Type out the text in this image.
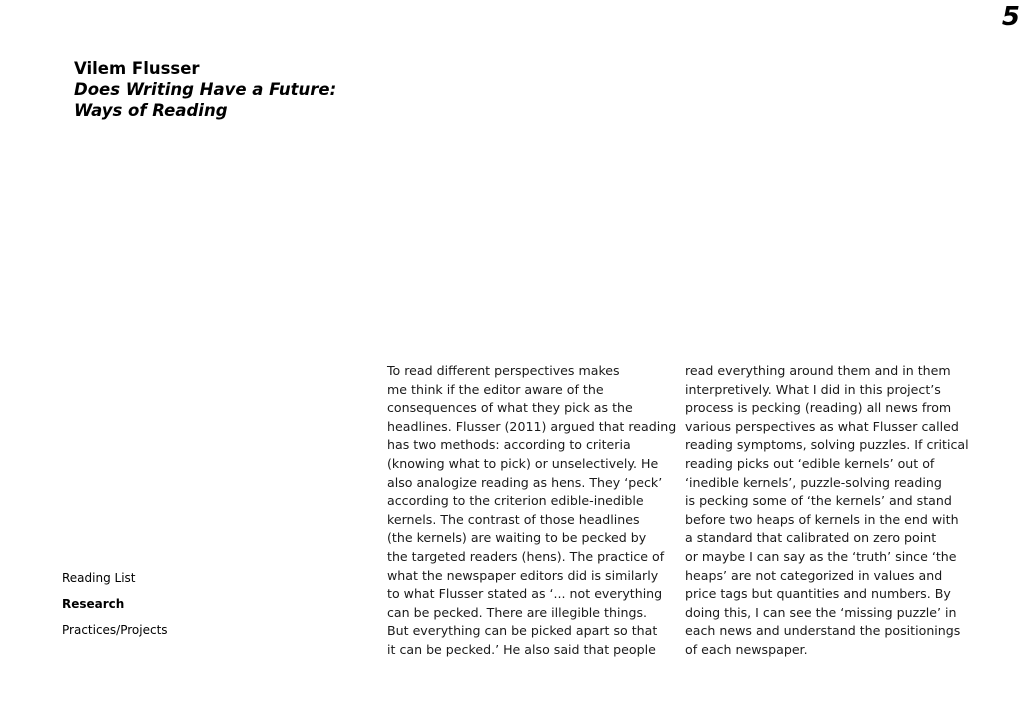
5
Vilem Flusser
Does Writing Have a Future:
Ways of Reading
Reading List
Research
Practices/Projects
To read different perspectives makes
me think if the editor aware of the
consequences of what they pick as the
headlines. Flusser (2011) argued that reading
has two methods: according to criteria
(knowing what to pick) or unselectively. He
also analogize reading as hens. They ‘peck’
according to the criterion edible-inedible
kernels. The contrast of those headlines
(the kernels) are waiting to be pecked by
the targeted readers (hens). The practice of
what the newspaper editors did is similarly
to what Flusser stated as ‘... not everything
can be pecked. There are illegible things.
But everything can be picked apart so that
it can be pecked.’ He also said that people
read everything around them and in them
interpretively. What I did in this project’s
process is pecking (reading) all news from
various perspectives as what Flusser called
reading symptoms, solving puzzles. If critical
reading picks out ‘edible kernels’ out of
‘inedible kernels’, puzzle-solving reading
is pecking some of ‘the kernels’ and stand
before two heaps of kernels in the end with
a standard that calibrated on zero point
or maybe I can say as the ‘truth’ since ‘the
heaps’ are not categorized in values and
price tags but quantities and numbers. By
doing this, I can see the ‘missing puzzle’ in
each news and understand the positionings
of each newspaper.
